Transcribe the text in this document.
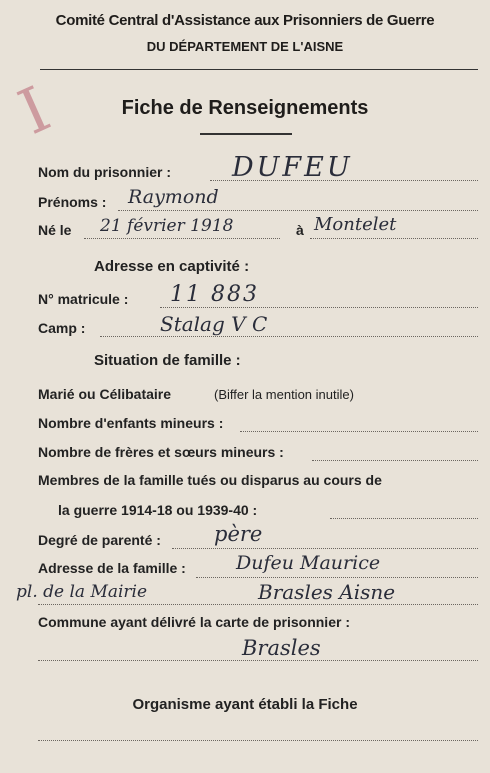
Comité Central d'Assistance aux Prisonniers de Guerre
DU DÉPARTEMENT DE L'AISNE
I	Fiche de Renseignements
Nom du prisonnier : DUFEU
Prénoms : Raymond
Né le 21 février 1918	à Montelet
Adresse en captivité :
N° matricule : 11 883
Camp :	Stalag V C
Situation de famille :
Marié ou Célibataire	(Biffer la mention inutile)
Nombre d'enfants mineurs :
Nombre de frères et sœurs mineurs :
Membres de la famille tués ou disparus au cours de
la guerre 1914-18 ou 1939-40 :
Degré de parenté :	père
Adresse de la famille :	Dufeu Maurice
pl. de la Mairie	Brasles Aisne
Commune ayant délivré la carte de prisonnier :
Brasles
Organisme ayant établi la Fiche
